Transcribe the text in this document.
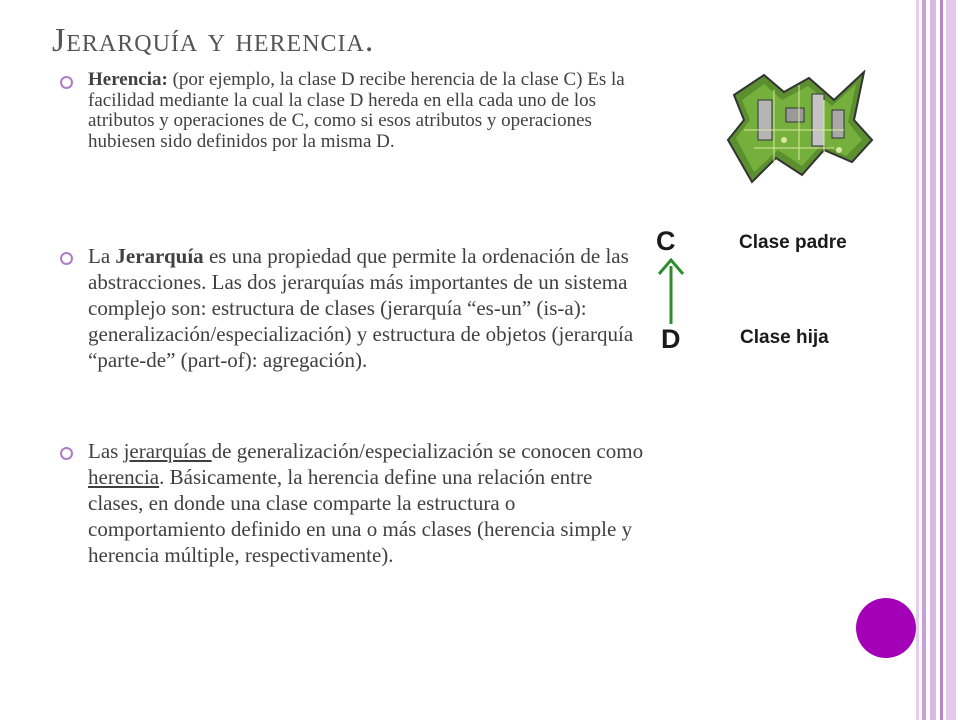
Jerarquía y herencia.
Herencia: (por ejemplo, la clase D recibe herencia de la clase C) Es la facilidad mediante la cual la clase D hereda en ella cada uno de los atributos y operaciones de C, como si esos atributos y operaciones hubiesen sido definidos por la misma D.
La Jerarquía es una propiedad que permite la ordenación de las abstracciones. Las dos jerarquías más importantes de un sistema complejo son: estructura de clases (jerarquía “es-un” (is-a): generalización/especialización) y estructura de objetos (jerarquía “parte-de” (part-of): agregación).
Las jerarquías de generalización/especialización se conocen como herencia. Básicamente, la herencia define una relación entre clases, en donde una clase comparte la estructura o comportamiento definido en una o más clases (herencia simple y herencia múltiple, respectivamente).
C	Clase padre
D	Clase hija
